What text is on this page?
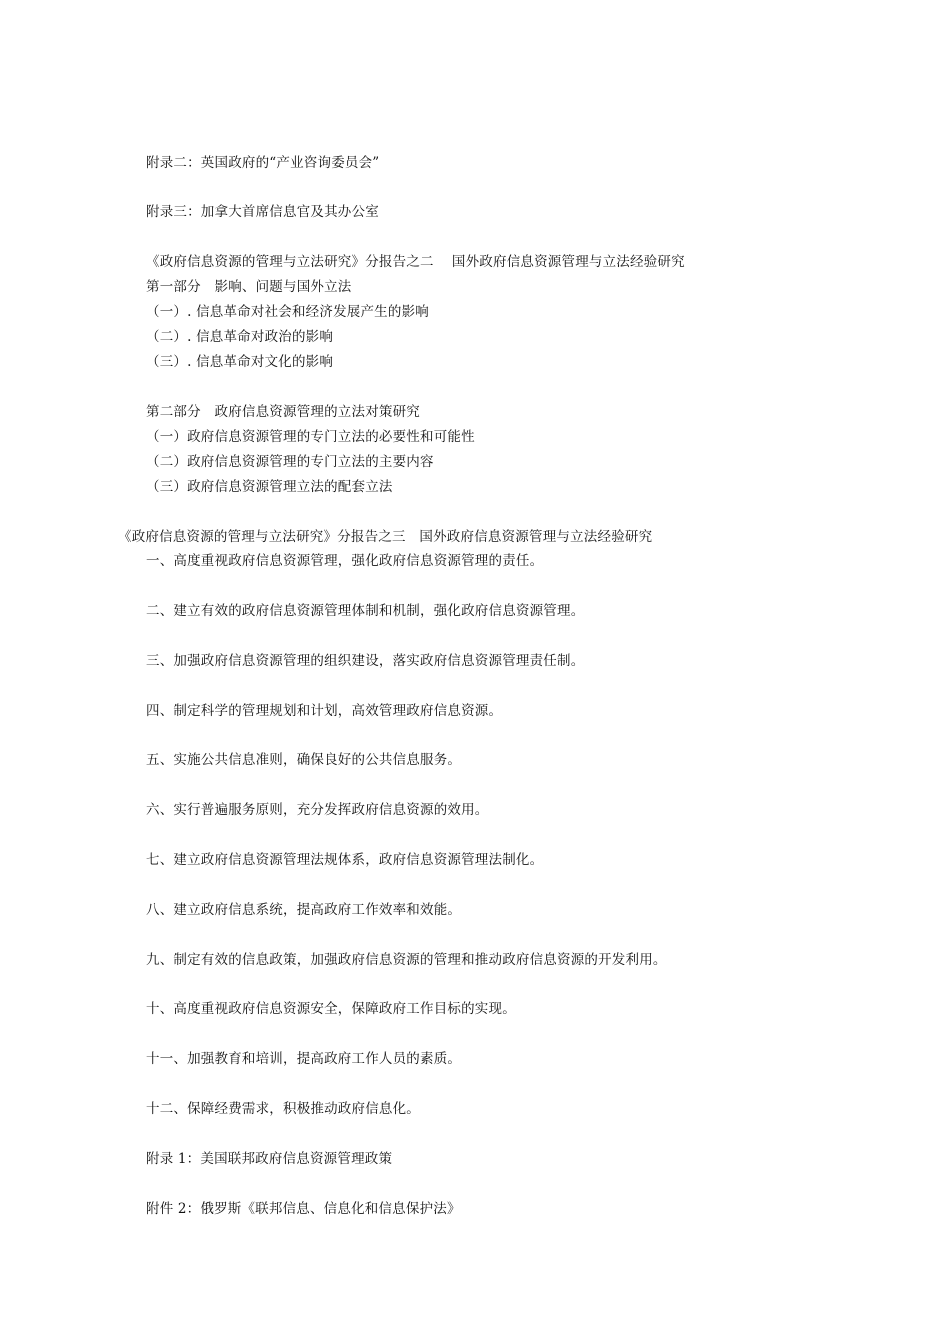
附录二：英国政府的“产业咨询委员会”
附录三：加拿大首席信息官及其办公室
《政府信息资源的管理与立法研究》分报告之二　 国外政府信息资源管理与立法经验研究
第一部分　影响、问题与国外立法
（一）. 信息革命对社会和经济发展产生的影响
（二）. 信息革命对政治的影响
（三）. 信息革命对文化的影响
第二部分　政府信息资源管理的立法对策研究
（一）政府信息资源管理的专门立法的必要性和可能性
（二）政府信息资源管理的专门立法的主要内容
（三）政府信息资源管理立法的配套立法
《政府信息资源的管理与立法研究》分报告之三　国外政府信息资源管理与立法经验研究
一、高度重视政府信息资源管理，强化政府信息资源管理的责任。
二、建立有效的政府信息资源管理体制和机制，强化政府信息资源管理。
三、加强政府信息资源管理的组织建设，落实政府信息资源管理责任制。
四、制定科学的管理规划和计划，高效管理政府信息资源。
五、实施公共信息准则，确保良好的公共信息服务。
六、实行普遍服务原则，充分发挥政府信息资源的效用。
七、建立政府信息资源管理法规体系，政府信息资源管理法制化。
八、建立政府信息系统，提高政府工作效率和效能。
九、制定有效的信息政策，加强政府信息资源的管理和推动政府信息资源的开发利用。
十、高度重视政府信息资源安全，保障政府工作目标的实现。
十一、加强教育和培训，提高政府工作人员的素质。
十二、保障经费需求，积极推动政府信息化。
附录 1：美国联邦政府信息资源管理政策
附件 2：俄罗斯《联邦信息、信息化和信息保护法》
